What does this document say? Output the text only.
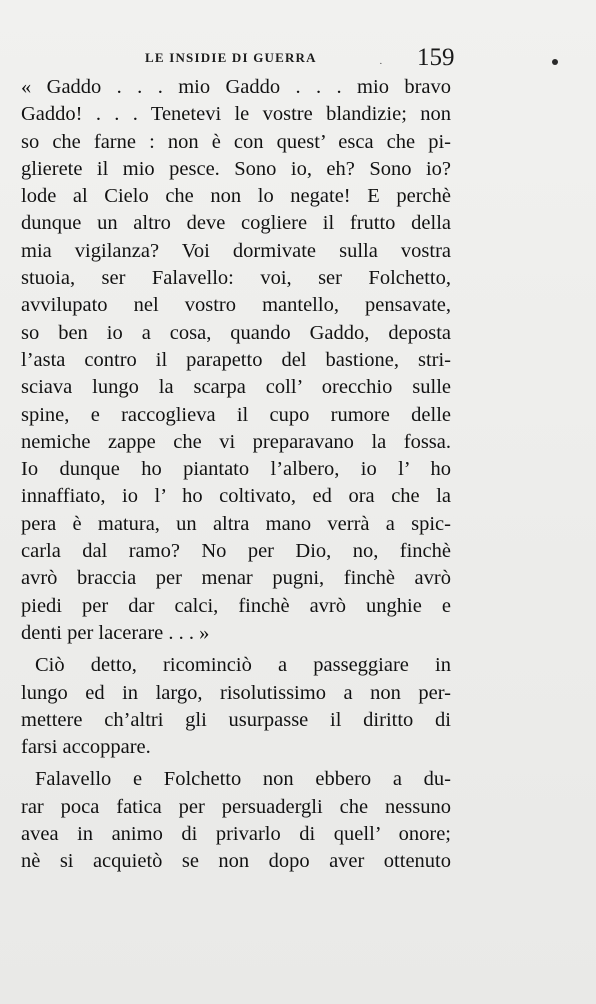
LE INSIDIE DI GUERRA	· 159
« Gaddo . . . mio Gaddo . . . mio bravo
Gaddo! . . . Tenetevi le vostre blandizie; non
so che farne : non è con quest’ esca che pi-
glierete il mio pesce. Sono io, eh? Sono io?
lode al Cielo che non lo negate! E perchè
dunque un altro deve cogliere il frutto della
mia vigilanza? Voi dormivate sulla vostra
stuoia, ser Falavello: voi, ser Folchetto,
avvilupato nel vostro mantello, pensavate,
so ben io a cosa, quando Gaddo, deposta
l’asta contro il parapetto del bastione, stri-
sciava lungo la scarpa coll’ orecchio sulle
spine, e raccoglieva il cupo rumore delle
nemiche zappe che vi preparavano la fossa.
Io dunque ho piantato l’albero, io l’ ho
innaffiato, io l’ ho coltivato, ed ora che la
pera è matura, un altra mano verrà a spic-
carla dal ramo? No per Dio, no, finchè
avrò braccia per menar pugni, finchè avrò
piedi per dar calci, finchè avrò unghie e
denti per lacerare . . . »
Ciò detto, ricominciò a passeggiare in
lungo ed in largo, risolutissimo a non per-
mettere ch’altri gli usurpasse il diritto di
farsi accoppare.
Falavello e Folchetto non ebbero a du-
rar poca fatica per persuadergli che nessuno
avea in animo di privarlo di quell’ onore;
nè si acquietò se non dopo aver ottenuto
